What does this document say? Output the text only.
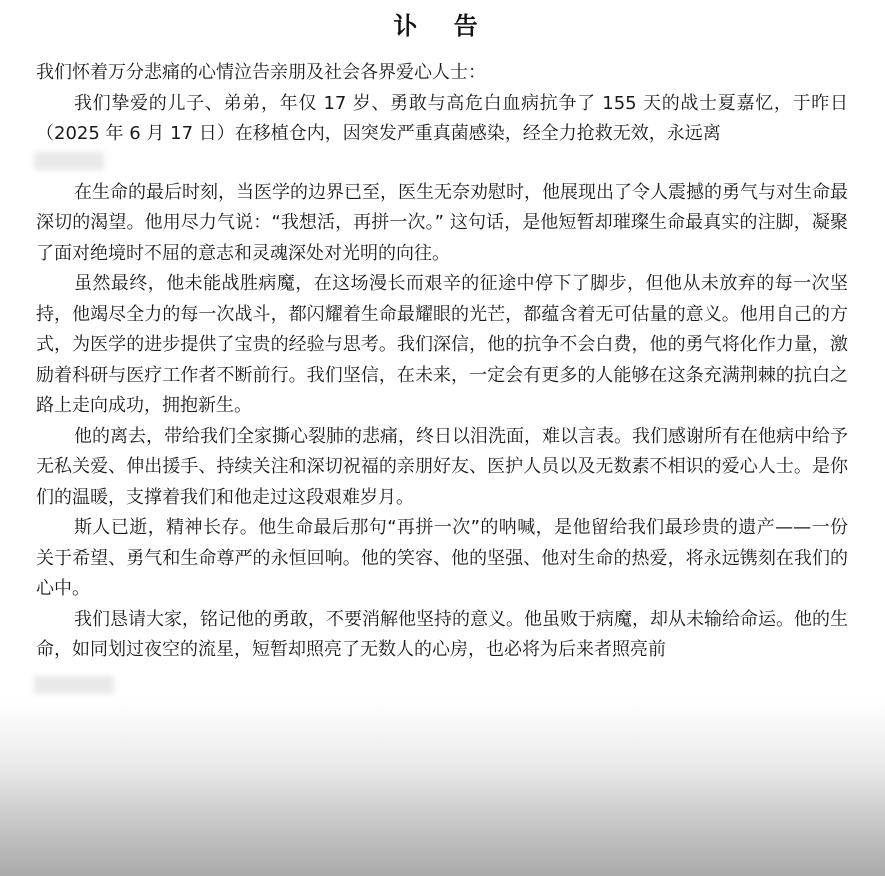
讣 告

我们怀着万分悲痛的心情泣告亲朋及社会各界爱心人士：

我们挚爱的儿子、弟弟，年仅 17 岁、勇敢与高危白血病抗争了 155 天的战士夏嘉忆，于昨日（2025 年 6 月 17 日）在移植仓内，因突发严重真菌感染，经全力抢救无效，永远离

在生命的最后时刻，当医学的边界已至，医生无奈劝慰时，他展现出了令人震撼的勇气与对生命最深切的渴望。他用尽力气说：“我想活，再拼一次。” 这句话，是他短暂却璀璨生命最真实的注脚，凝聚了面对绝境时不屈的意志和灵魂深处对光明的向往。

虽然最终，他未能战胜病魔，在这场漫长而艰辛的征途中停下了脚步，但他从未放弃的每一次坚持，他竭尽全力的每一次战斗，都闪耀着生命最耀眼的光芒，都蕴含着无可估量的意义。他用自己的方式，为医学的进步提供了宝贵的经验与思考。我们深信，他的抗争不会白费，他的勇气将化作力量，激励着科研与医疗工作者不断前行。我们坚信，在未来，一定会有更多的人能够在这条充满荆棘的抗白之路上走向成功，拥抱新生。

他的离去，带给我们全家撕心裂肺的悲痛，终日以泪洗面，难以言表。我们感谢所有在他病中给予无私关爱、伸出援手、持续关注和深切祝福的亲朋好友、医护人员以及无数素不相识的爱心人士。是你们的温暖，支撑着我们和他走过这段艰难岁月。

斯人已逝，精神长存。他生命最后那句“再拼一次”的呐喊，是他留给我们最珍贵的遗产——一份关于希望、勇气和生命尊严的永恒回响。他的笑容、他的坚强、他对生命的热爱，将永远镌刻在我们的心中。

我们恳请大家，铭记他的勇敢，不要消解他坚持的意义。他虽败于病魔，却从未输给命运。他的生命，如同划过夜空的流星，短暂却照亮了无数人的心房，也必将为后来者照亮前
